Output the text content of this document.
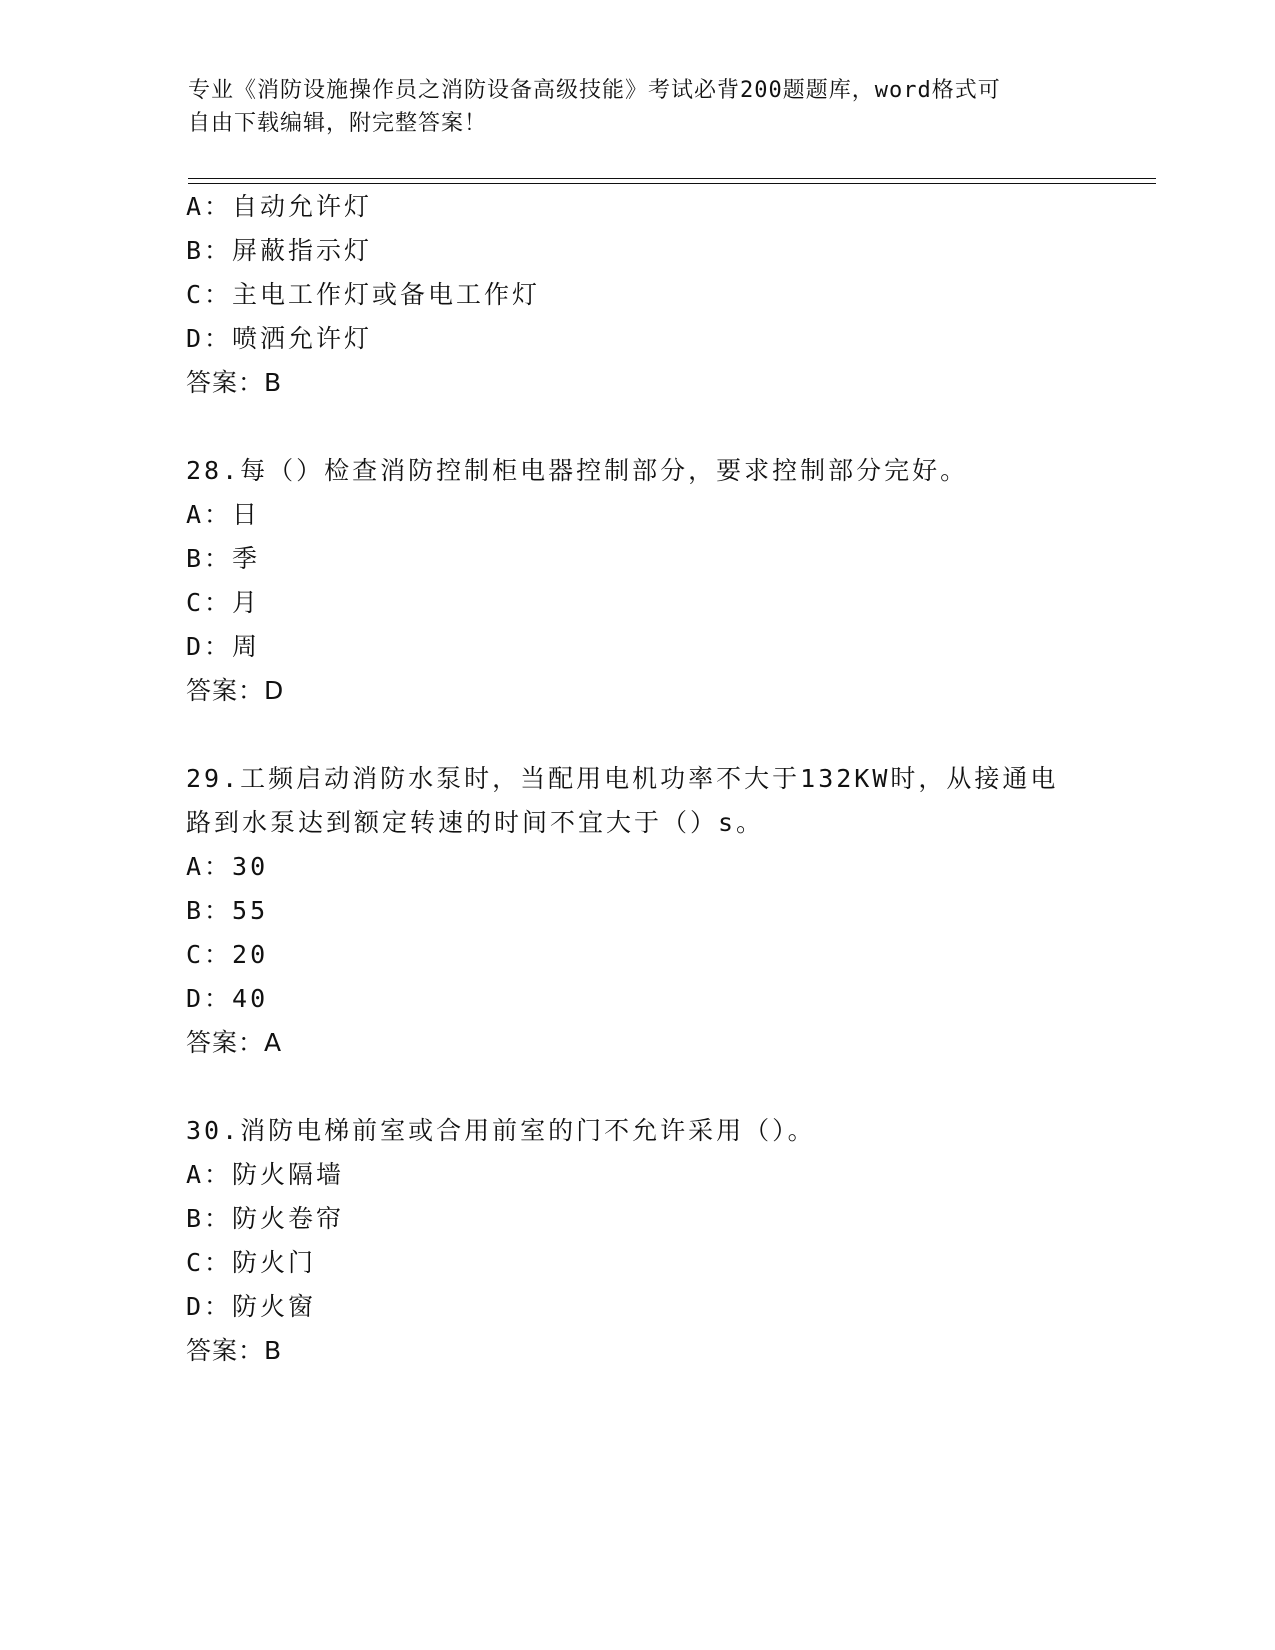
专业《消防设施操作员之消防设备高级技能》考试必背200题题库，word格式可
自由下载编辑，附完整答案！
A：自动允许灯
B：屏蔽指示灯
C：主电工作灯或备电工作灯
D：喷洒允许灯
答案：B
28.每（）检查消防控制柜电器控制部分，要求控制部分完好。
A：日
B：季
C：月
D：周
答案：D
29.工频启动消防水泵时，当配用电机功率不大于132KW时，从接通电
路到水泵达到额定转速的时间不宜大于（）s。
A：30
B：55
C：20
D：40
答案：A
30.消防电梯前室或合用前室的门不允许采用（）。
A：防火隔墙
B：防火卷帘
C：防火门
D：防火窗
答案：B
